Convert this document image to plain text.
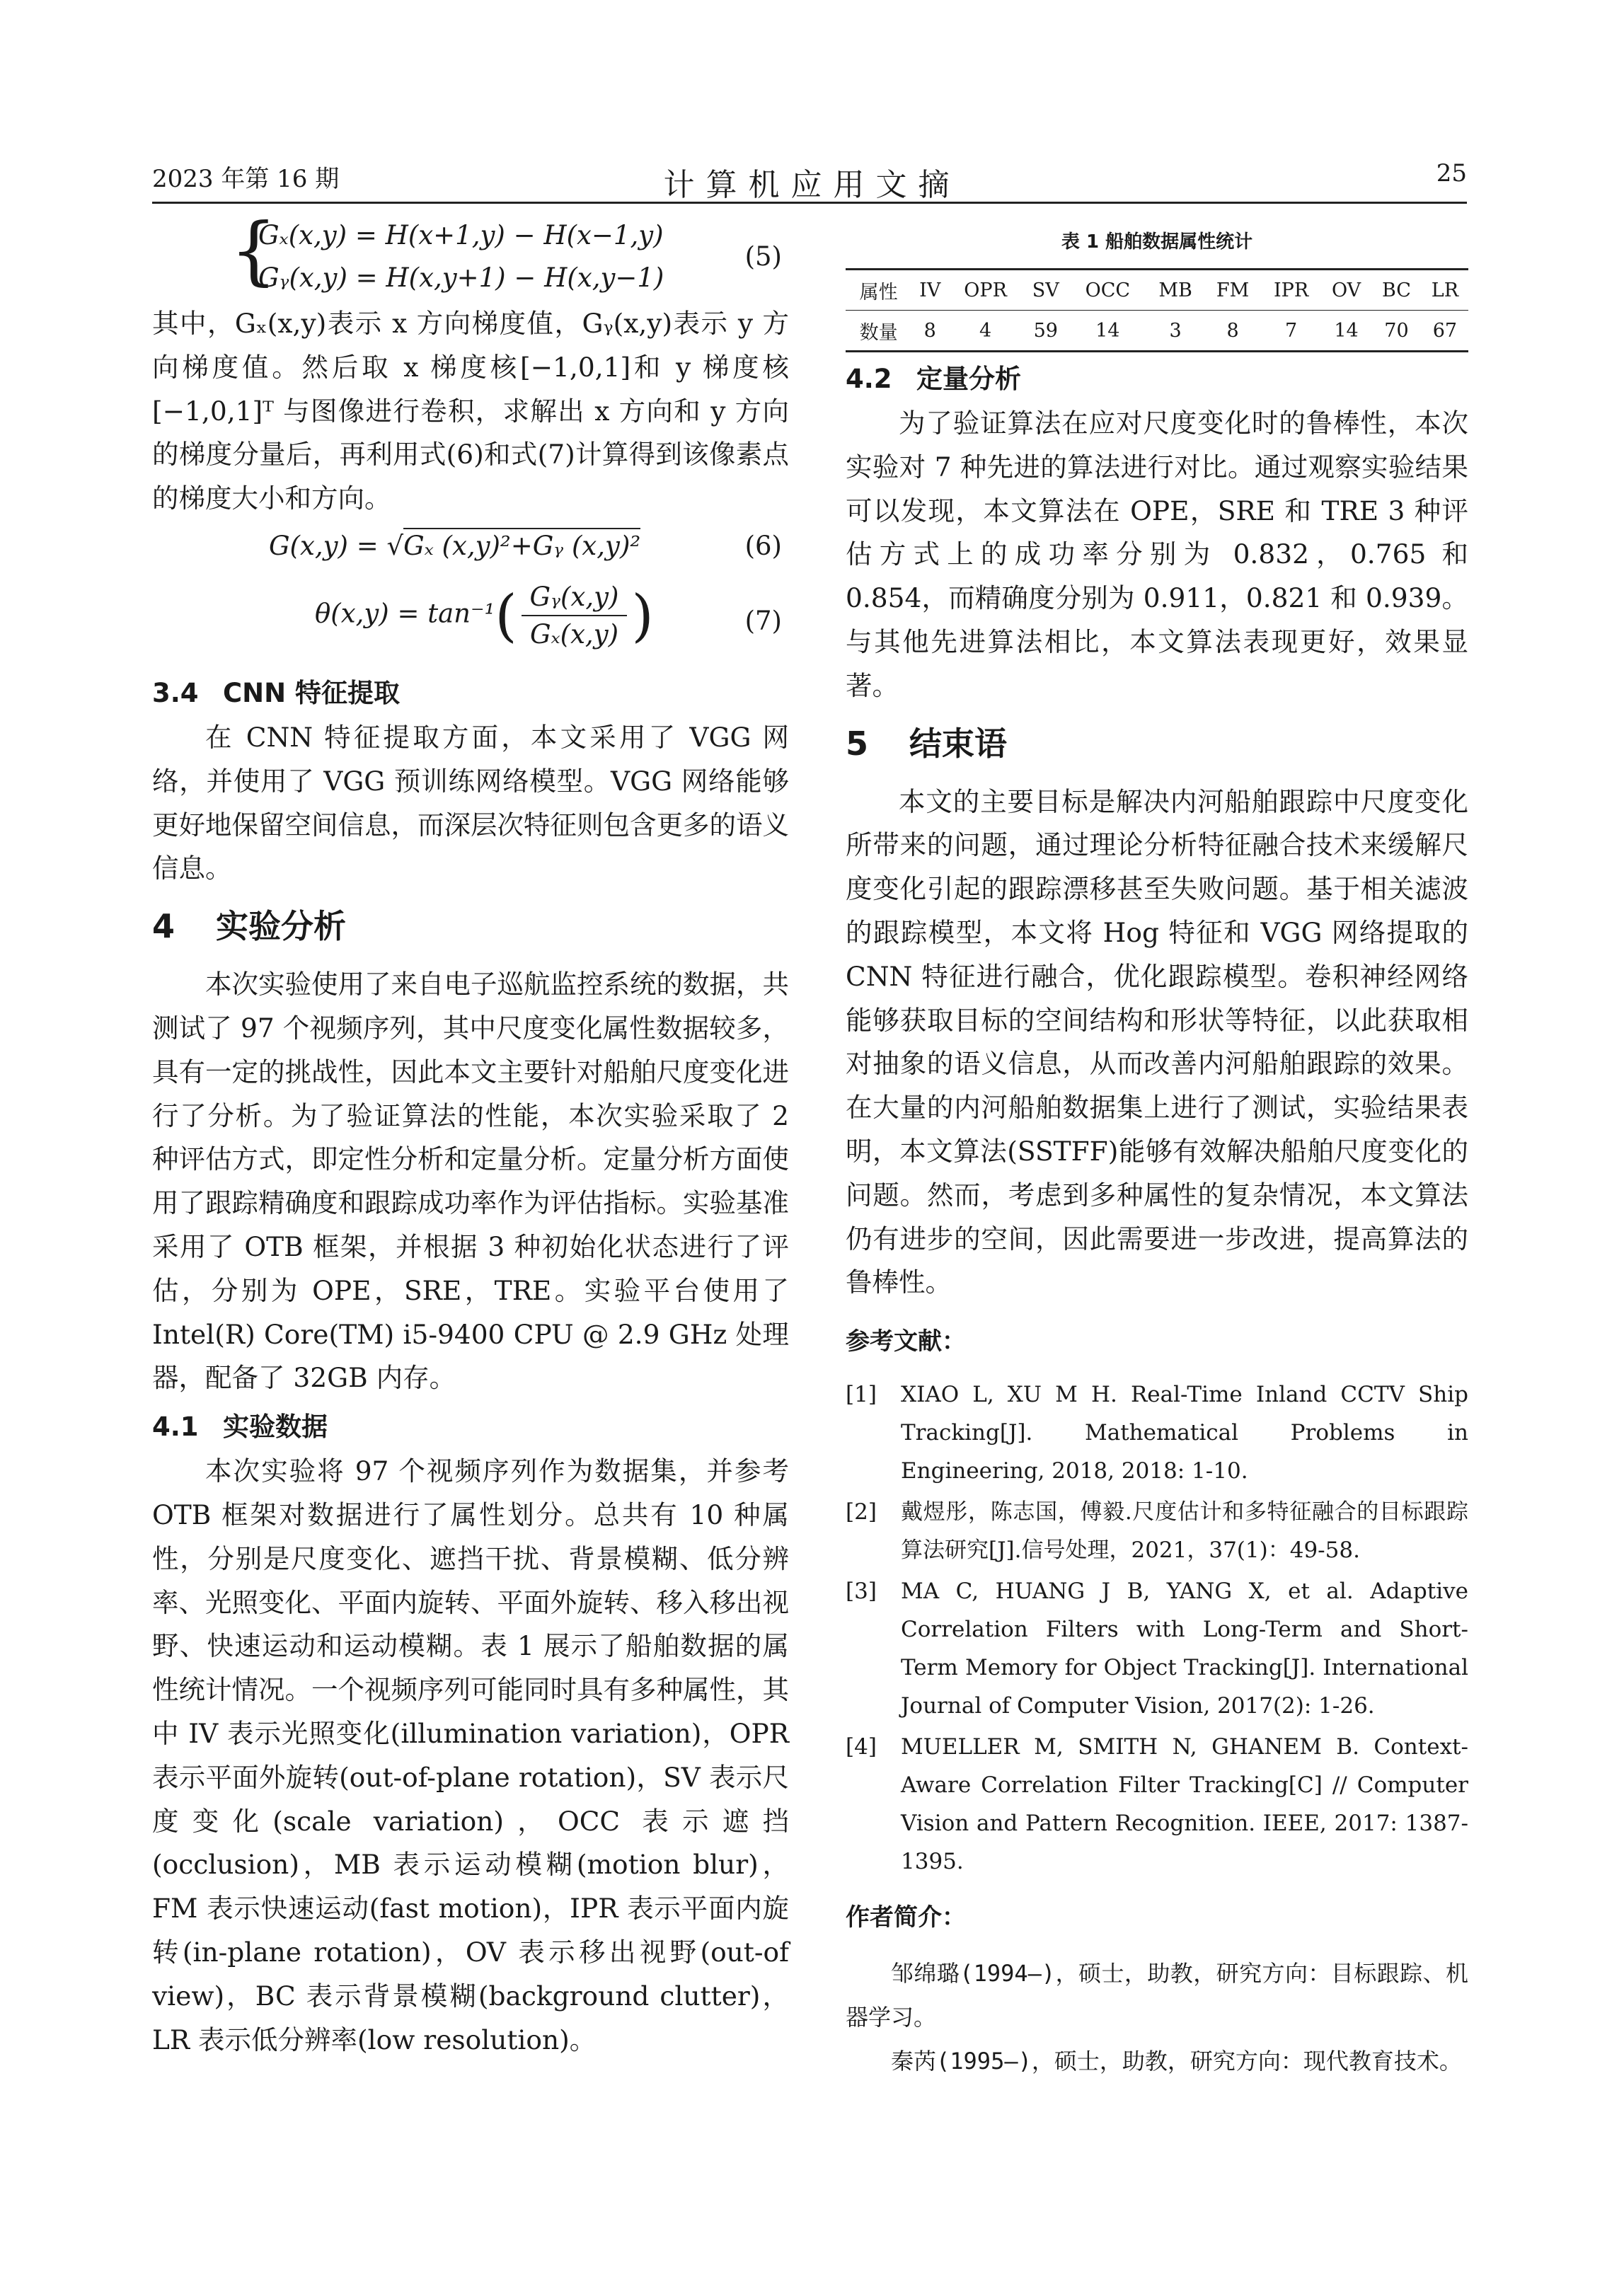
2023 年第 16 期	计算机应用文摘	25
{
Gₓ(x,y) = H(x+1,y) − H(x−1,y)
Gᵧ(x,y) = H(x,y+1) − H(x,y−1)
(5)

其中，Gₓ(x,y)表示 x 方向梯度值，Gᵧ(x,y)表示 y 方向梯度值。然后取 x 梯度核[−1,0,1]和 y 梯度核[−1,0,1]ᵀ 与图像进行卷积，求解出 x 方向和 y 方向的梯度分量后，再利用式(6)和式(7)计算得到该像素点的梯度大小和方向。

G(x,y) = √Gₓ (x,y)²+Gᵧ (x,y)²	(6)
$\theta(x,y) = \tan^{-1}( \frac{\text{Gᵧ(x,y)}}{\text{Gₓ(x,y)}}$ )	(7)
3.4 CNN 特征提取

在 CNN 特征提取方面，本文采用了 VGG 网络，并使用了 VGG 预训练网络模型。VGG 网络能够更好地保留空间信息，而深层次特征则包含更多的语义信息。

4 实验分析

本次实验使用了来自电子巡航监控系统的数据，共测试了 97 个视频序列，其中尺度变化属性数据较多，具有一定的挑战性，因此本文主要针对船舶尺度变化进行了分析。为了验证算法的性能，本次实验采取了 2 种评估方式，即定性分析和定量分析。定量分析方面使用了跟踪精确度和跟踪成功率作为评估指标。实验基准采用了 OTB 框架，并根据 3 种初始化状态进行了评估，分别为 OPE，SRE，TRE。实验平台使用了 Intel(R) Core(TM) i5-9400 CPU @ 2.9 GHz 处理器，配备了 32GB 内存。

4.1 实验数据

本次实验将 97 个视频序列作为数据集，并参考 OTB 框架对数据进行了属性划分。总共有 10 种属性，分别是尺度变化、遮挡干扰、背景模糊、低分辨率、光照变化、平面内旋转、平面外旋转、移入移出视野、快速运动和运动模糊。表 1 展示了船舶数据的属性统计情况。一个视频序列可能同时具有多种属性，其中 IV 表示光照变化(illumination variation)，OPR 表示平面外旋转(out-of-plane rotation)，SV 表示尺度变化(scale variation)，OCC 表示遮挡(occlusion)，MB 表示运动模糊(motion blur)，FM 表示快速运动(fast motion)，IPR 表示平面内旋转(in-plane rotation)，OV 表示移出视野(out-of view)，BC 表示背景模糊(background clutter)，LR 表示低分辨率(low resolution)。

表 1 船舶数据属性统计
属性	IV	OPR	SV	OCC	MB	FM	IPR	OV	BC	LR
数量	8	4	59	14	3	8	7	14	70	67
4.2 定量分析

为了验证算法在应对尺度变化时的鲁棒性，本次实验对 7 种先进的算法进行对比。通过观察实验结果可以发现，本文算法在 OPE，SRE 和 TRE 3 种评估方式上的成功率分别为 0.832，0.765 和 0.854，而精确度分别为 0.911，0.821 和 0.939。与其他先进算法相比，本文算法表现更好，效果显著。

5 结束语

本文的主要目标是解决内河船舶跟踪中尺度变化所带来的问题，通过理论分析特征融合技术来缓解尺度变化引起的跟踪漂移甚至失败问题。基于相关滤波的跟踪模型，本文将 Hog 特征和 VGG 网络提取的 CNN 特征进行融合，优化跟踪模型。卷积神经网络能够获取目标的空间结构和形状等特征，以此获取相对抽象的语义信息，从而改善内河船舶跟踪的效果。在大量的内河船舶数据集上进行了测试，实验结果表明，本文算法(SSTFF)能够有效解决船舶尺度变化的问题。然而，考虑到多种属性的复杂情况，本文算法仍有进步的空间，因此需要进一步改进，提高算法的鲁棒性。

参考文献：
[1] XIAO L, XU M H. Real-Time Inland CCTV Ship Tracking[J]. Mathematical Problems in Engineering, 2018, 2018: 1-10.
[2] 戴煜彤，陈志国，傅毅.尺度估计和多特征融合的目标跟踪算法研究[J].信号处理，2021，37(1)：49-58.
[3] MA C, HUANG J B, YANG X, et al. Adaptive Correlation Filters with Long-Term and Short-Term Memory for Object Tracking[J]. International Journal of Computer Vision, 2017(2): 1-26.
[4] MUELLER M, SMITH N, GHANEM B. Context-Aware Correlation Filter Tracking[C] // Computer Vision and Pattern Recognition. IEEE, 2017: 1387-1395.
作者简介：

邹绵璐(1994—)，硕士，助教，研究方向：目标跟踪、机器学习。

秦芮(1995—)，硕士，助教，研究方向：现代教育技术。
